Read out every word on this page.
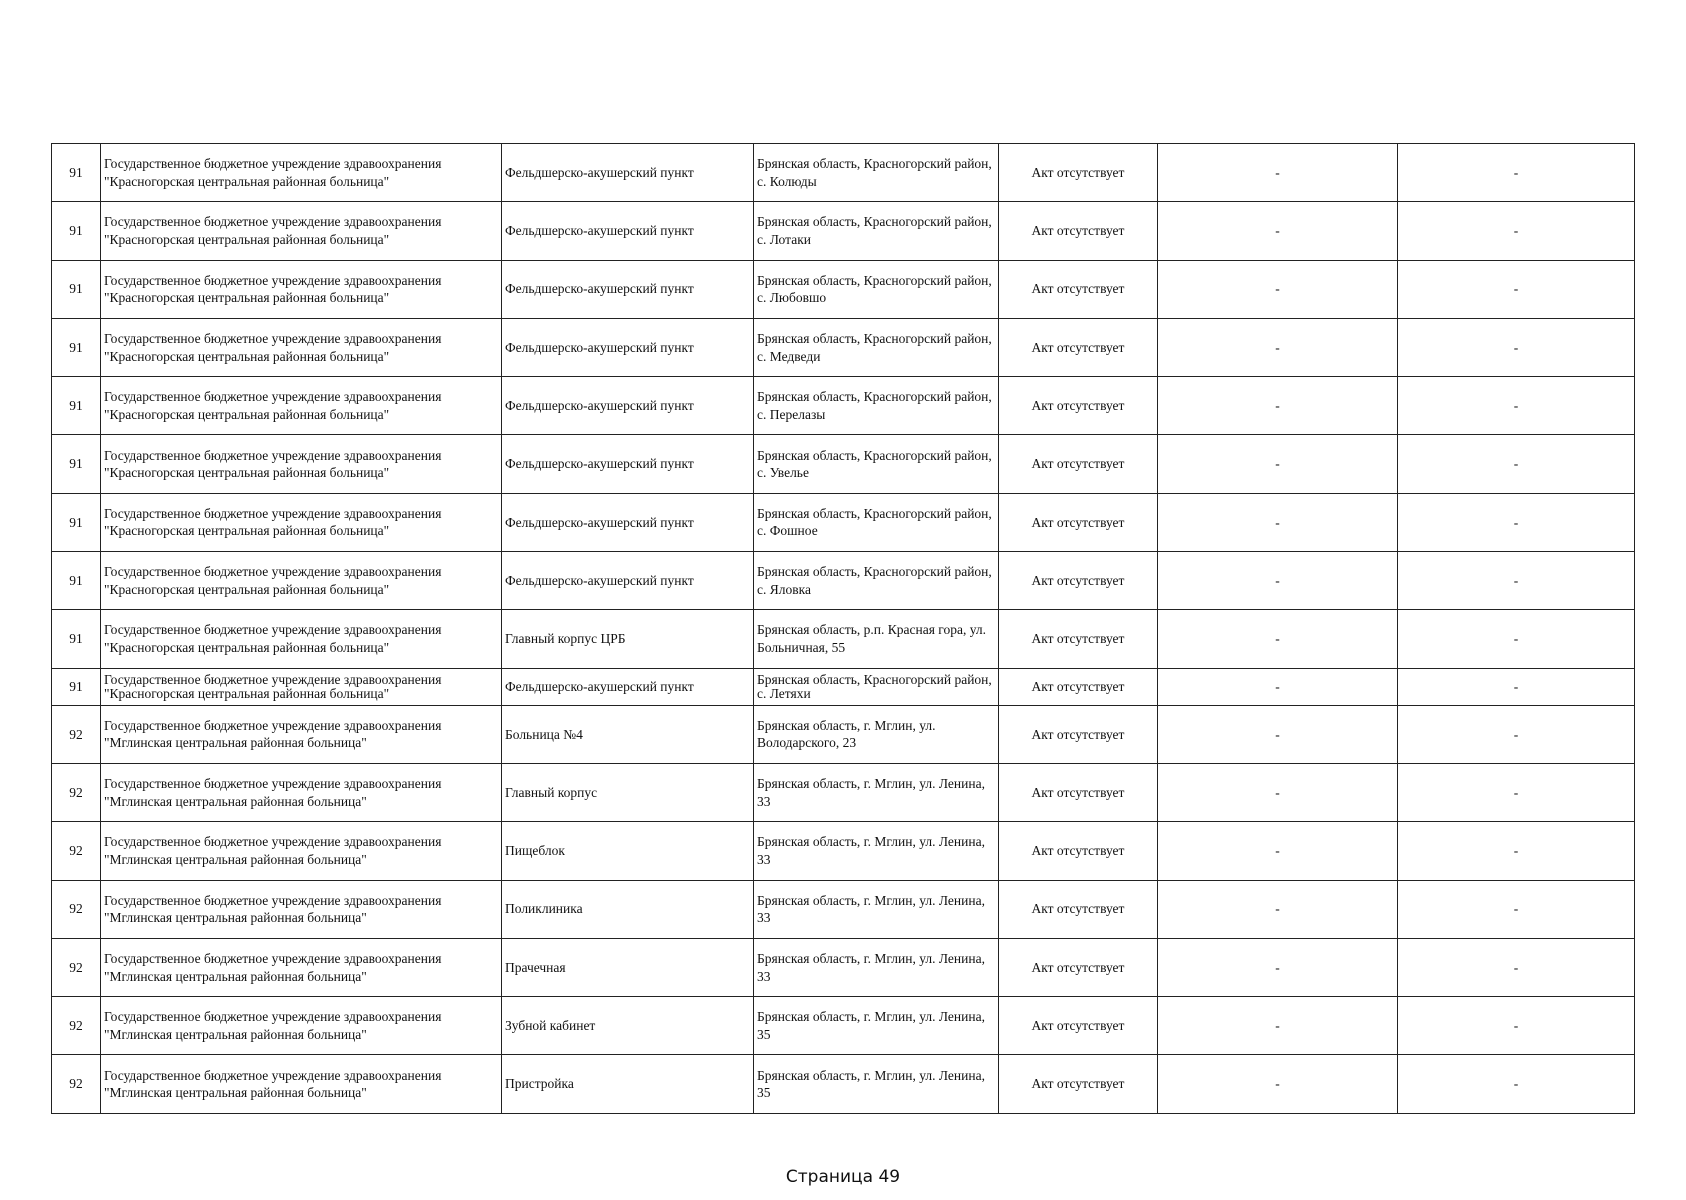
91	Государственное бюджетное учреждение здравоохранения "Красногорская центральная районная больница"	Фельдшерско-акушерский пункт	Брянская область, Красногорский район, с. Колюды	Акт отсутствует	-	-
91	Государственное бюджетное учреждение здравоохранения "Красногорская центральная районная больница"	Фельдшерско-акушерский пункт	Брянская область, Красногорский район, с. Лотаки	Акт отсутствует	-	-
91	Государственное бюджетное учреждение здравоохранения "Красногорская центральная районная больница"	Фельдшерско-акушерский пункт	Брянская область, Красногорский район, с. Любовшо	Акт отсутствует	-	-
91	Государственное бюджетное учреждение здравоохранения "Красногорская центральная районная больница"	Фельдшерско-акушерский пункт	Брянская область, Красногорский район, с. Медведи	Акт отсутствует	-	-
91	Государственное бюджетное учреждение здравоохранения "Красногорская центральная районная больница"	Фельдшерско-акушерский пункт	Брянская область, Красногорский район, с. Перелазы	Акт отсутствует	-	-
91	Государственное бюджетное учреждение здравоохранения "Красногорская центральная районная больница"	Фельдшерско-акушерский пункт	Брянская область, Красногорский район, с. Увелье	Акт отсутствует	-	-
91	Государственное бюджетное учреждение здравоохранения "Красногорская центральная районная больница"	Фельдшерско-акушерский пункт	Брянская область, Красногорский район, с. Фошное	Акт отсутствует	-	-
91	Государственное бюджетное учреждение здравоохранения "Красногорская центральная районная больница"	Фельдшерско-акушерский пункт	Брянская область, Красногорский район, с. Яловка	Акт отсутствует	-	-
91	Государственное бюджетное учреждение здравоохранения "Красногорская центральная районная больница"	Главный корпус ЦРБ	Брянская область, р.п. Красная гора, ул. Больничная, 55	Акт отсутствует	-	-
91	Государственное бюджетное учреждение здравоохранения "Красногорская центральная районная больница"	Фельдшерско-акушерский пункт	Брянская область, Красногорский район, с. Летяхи	Акт отсутствует	-	-
92	Государственное бюджетное учреждение здравоохранения "Мглинская центральная районная больница"	Больница №4	Брянская область, г. Мглин, ул. Володарского, 23	Акт отсутствует	-	-
92	Государственное бюджетное учреждение здравоохранения "Мглинская центральная районная больница"	Главный корпус	Брянская область, г. Мглин, ул. Ленина, 33	Акт отсутствует	-	-
92	Государственное бюджетное учреждение здравоохранения "Мглинская центральная районная больница"	Пищеблок	Брянская область, г. Мглин, ул. Ленина, 33	Акт отсутствует	-	-
92	Государственное бюджетное учреждение здравоохранения "Мглинская центральная районная больница"	Поликлиника	Брянская область, г. Мглин, ул. Ленина, 33	Акт отсутствует	-	-
92	Государственное бюджетное учреждение здравоохранения "Мглинская центральная районная больница"	Прачечная	Брянская область, г. Мглин, ул. Ленина, 33	Акт отсутствует	-	-
92	Государственное бюджетное учреждение здравоохранения "Мглинская центральная районная больница"	Зубной кабинет	Брянская область, г. Мглин, ул. Ленина, 35	Акт отсутствует	-	-
92	Государственное бюджетное учреждение здравоохранения "Мглинская центральная районная больница"	Пристройка	Брянская область, г. Мглин, ул. Ленина, 35	Акт отсутствует	-	-
Страница 49
